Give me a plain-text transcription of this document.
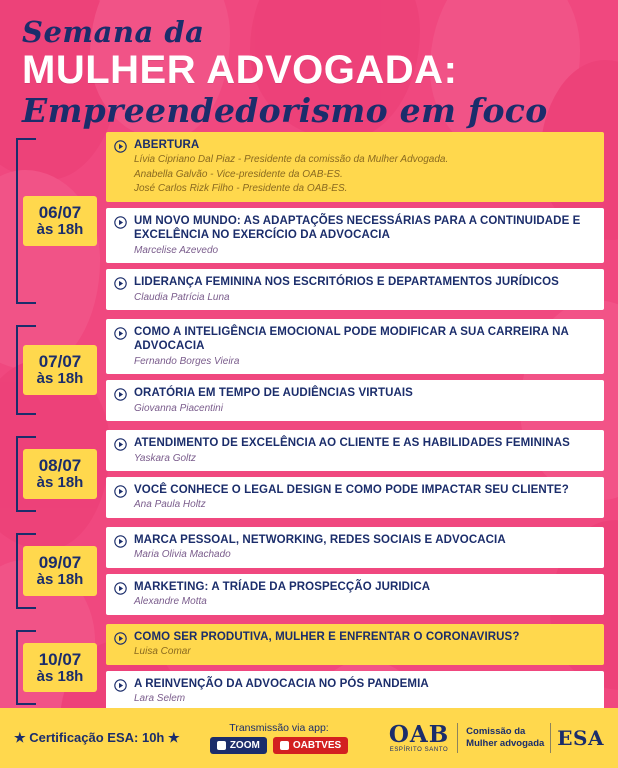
Semana da
MULHER ADVOGADA:
Empreendedorismo em foco
06/07
às 18h
ABERTURA
Lívia Cipriano Dal Piaz - Presidente da comissão da Mulher Advogada.
Anabella Galvão - Vice-presidente da OAB-ES.
José Carlos Rizk Filho - Presidente da OAB-ES.
UM NOVO MUNDO: AS ADAPTAÇÕES NECESSÁRIAS PARA A CONTINUIDADE E EXCELÊNCIA NO EXERCÍCIO DA ADVOCACIA
Marcelise Azevedo
LIDERANÇA FEMININA NOS ESCRITÓRIOS E DEPARTAMENTOS JURÍDICOS
Claudia Patrícia Luna
07/07
às 18h
COMO A INTELIGÊNCIA EMOCIONAL PODE MODIFICAR A SUA CARREIRA NA ADVOCACIA
Fernando Borges Vieira
ORATÓRIA EM TEMPO DE AUDIÊNCIAS VIRTUAIS
Giovanna Piacentini
08/07
às 18h
ATENDIMENTO DE EXCELÊNCIA AO CLIENTE E AS HABILIDADES FEMININAS
Yaskara Goltz
VOCÊ CONHECE O LEGAL DESIGN E COMO PODE IMPACTAR SEU CLIENTE?
Ana Paula Holtz
09/07
às 18h
MARCA PESSOAL, NETWORKING, REDES SOCIAIS E ADVOCACIA
Maria Olivia Machado
MARKETING: A TRÍADE DA PROSPECÇÃO JURIDICA
Alexandre Motta
10/07
às 18h
COMO SER PRODUTIVA, MULHER E ENFRENTAR O CORONAVIRUS?
Luisa Comar
A REINVENÇÃO DA ADVOCACIA NO PÓS PANDEMIA
Lara Selem
★ Certificação ESA: 10h ★
Transmissão via app:
ZOOM	OABTVES OAB
ESPÍRITO SANTO
Comissão da
Mulher advogada ESA
